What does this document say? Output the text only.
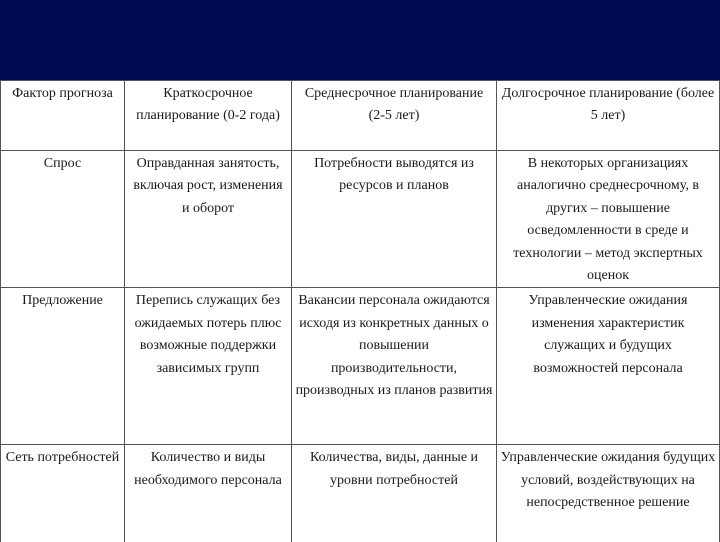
Фактор прогноза	Краткосрочное планирование (0-2 года)	Среднесрочное планирование (2-5 лет)	Долгосрочное планирование (более 5 лет)

Спрос	Оправданная занятость, включая рост, изменения и оборот	Потребности выводятся из ресурсов и планов	В некоторых организациях аналогично среднесрочному, в других – повышение осведомленности в среде и технологии – метод экспертных оценок

Предложение	Перепись служащих без ожидаемых потерь плюс возможные поддержки зависимых групп	Вакансии персонала ожидаются исходя из конкретных данных о повышении производительности, производных из планов развития	Управленческие ожидания изменения характеристик служащих и будущих возможностей персонала

Сеть потребностей	Количество и виды необходимого персонала	Количества, виды, данные и уровни потребностей	Управленческие ожидания будущих условий, воздействующих на непосредственное решение
